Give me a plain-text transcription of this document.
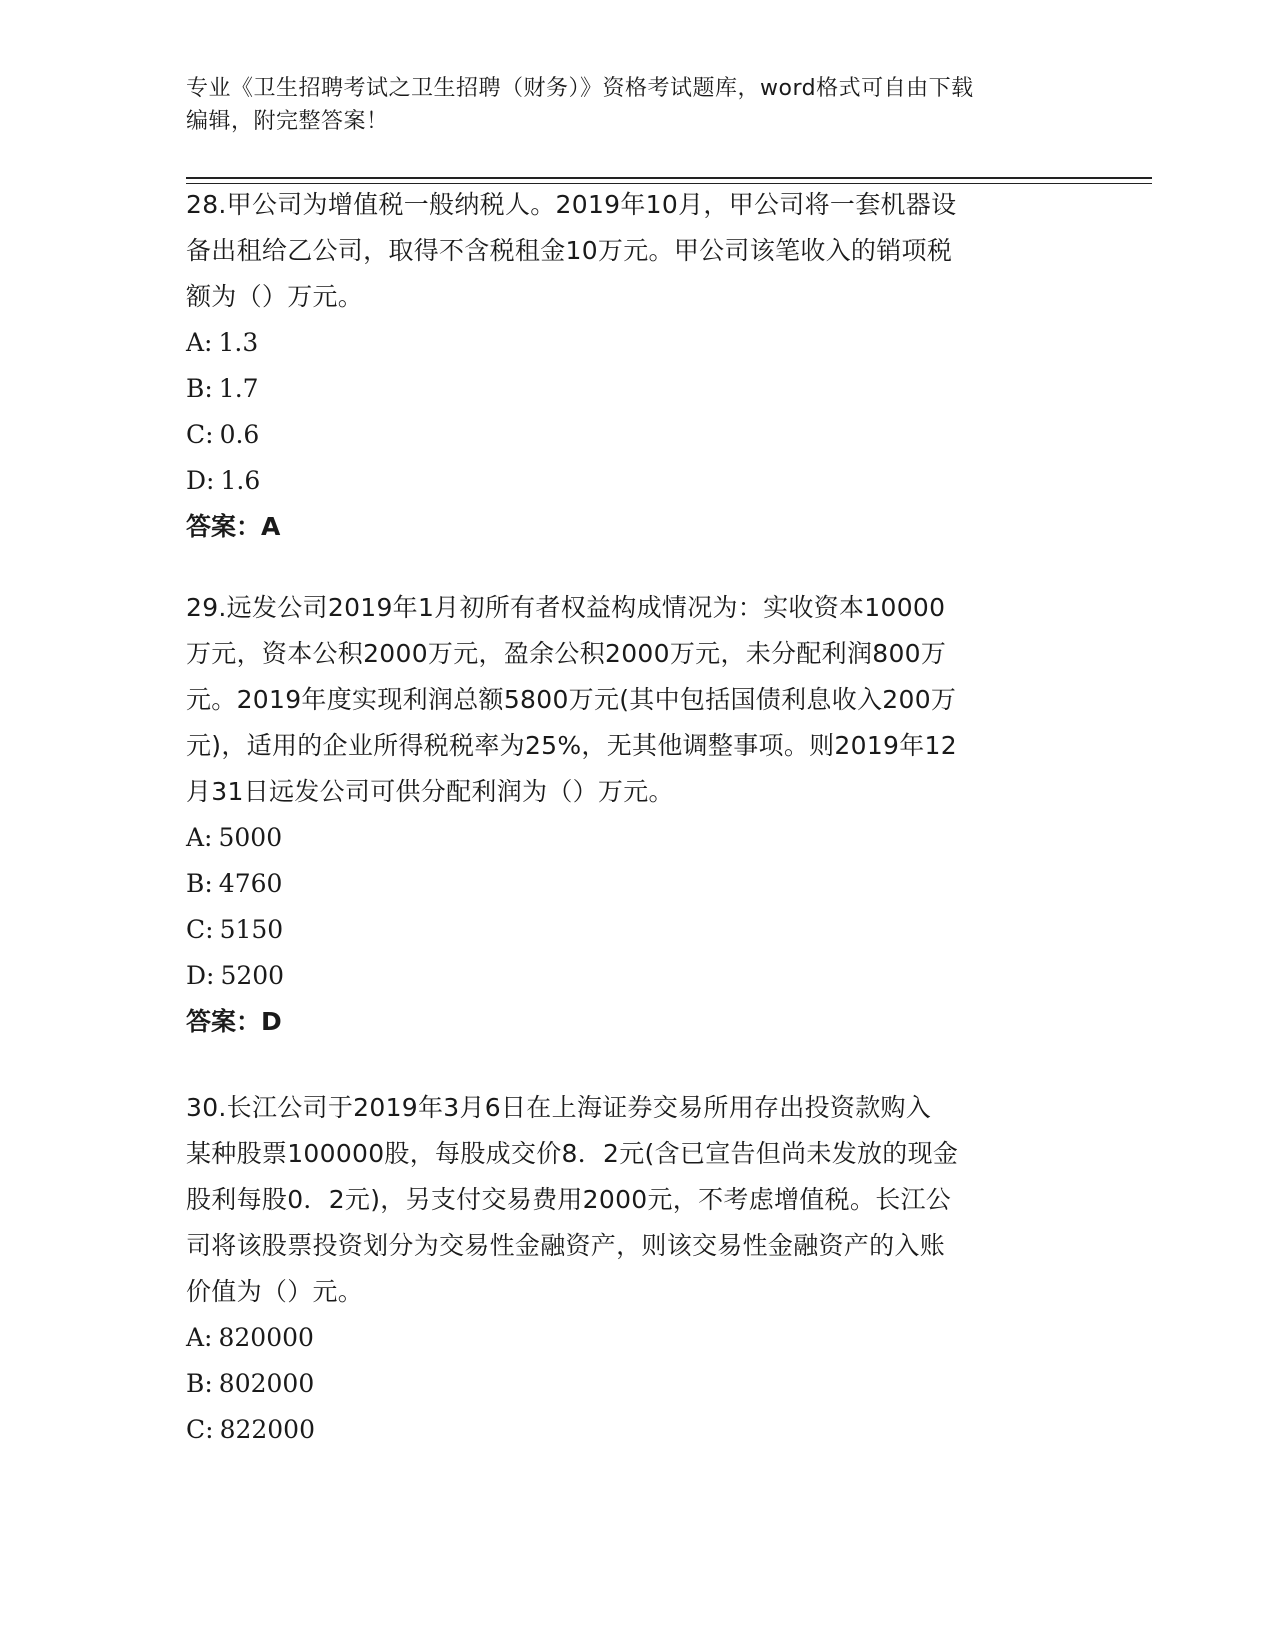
专业《卫生招聘考试之卫生招聘（财务）》资格考试题库，word格式可自由下载
编辑，附完整答案！
28.甲公司为增值税一般纳税人。2019年10月，甲公司将一套机器设
备出租给乙公司，取得不含税租金10万元。甲公司该笔收入的销项税
额为（）万元。
A: 1.3
B: 1.7
C: 0.6
D: 1.6
答案：A
29.远发公司2019年1月初所有者权益构成情况为：实收资本10000
万元，资本公积2000万元，盈余公积2000万元，未分配利润800万
元。2019年度实现利润总额5800万元(其中包括国债利息收入200万
元)，适用的企业所得税税率为25%，无其他调整事项。则2019年12
月31日远发公司可供分配利润为（）万元。
A: 5000
B: 4760
C: 5150
D: 5200
答案：D
30.长江公司于2019年3月6日在上海证券交易所用存出投资款购入
某种股票100000股，每股成交价8．2元(含已宣告但尚未发放的现金
股利每股0．2元)，另支付交易费用2000元，不考虑增值税。长江公
司将该股票投资划分为交易性金融资产，则该交易性金融资产的入账
价值为（）元。
A: 820000
B: 802000
C: 822000
